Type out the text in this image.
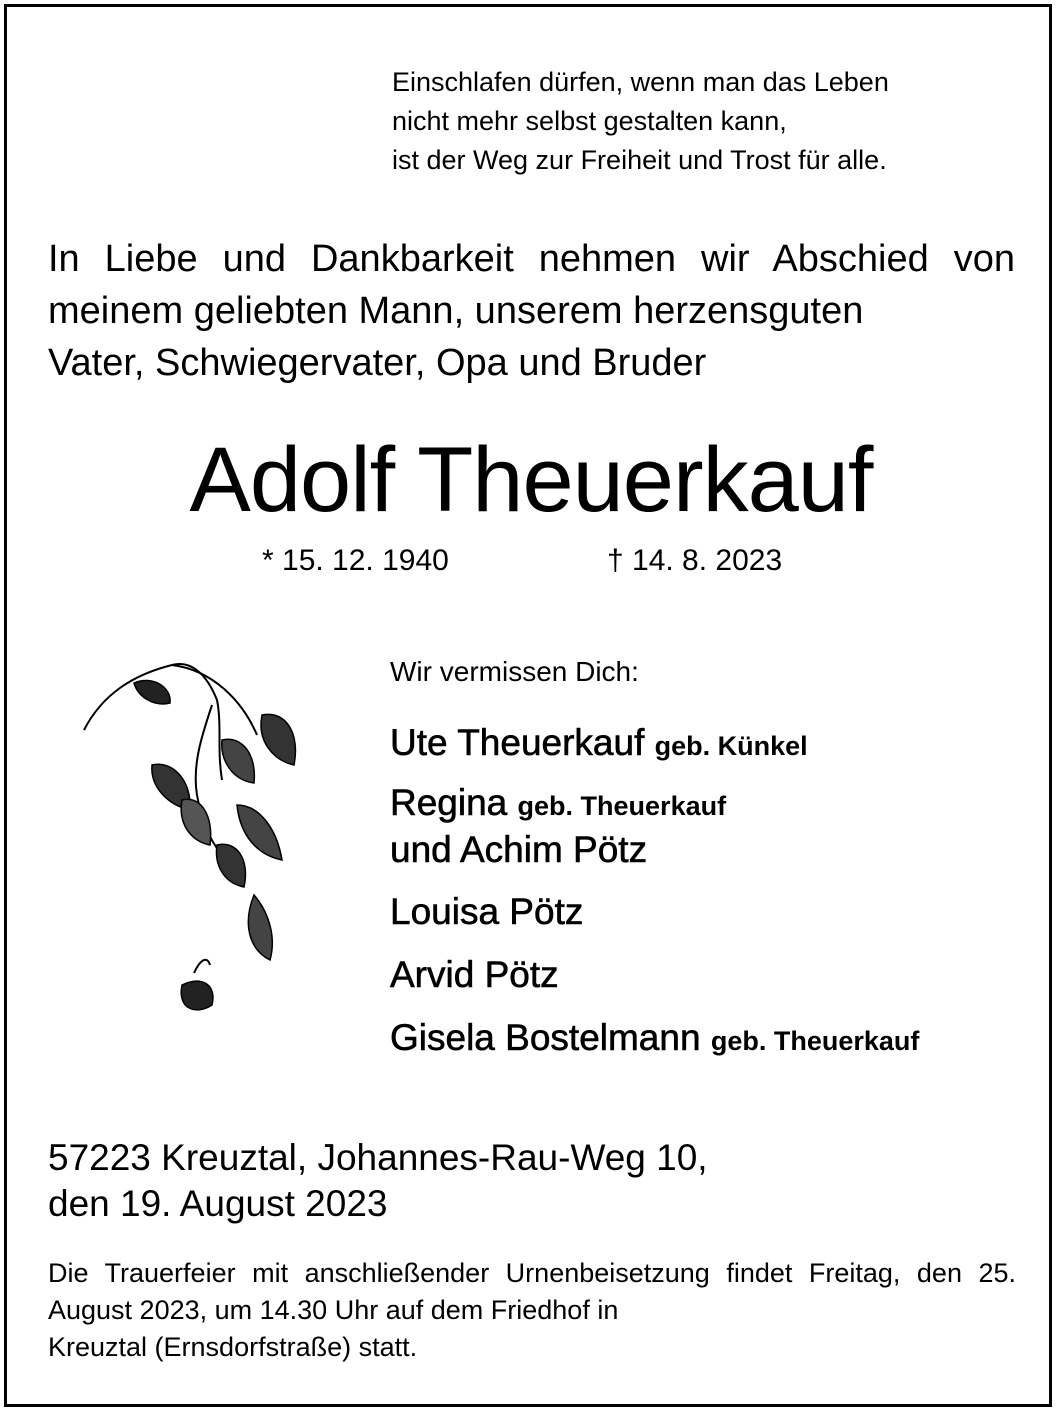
Einschlafen dürfen, wenn man das Leben
nicht mehr selbst gestalten kann,
ist der Weg zur Freiheit und Trost für alle.
In Liebe und Dankbarkeit nehmen wir Abschied von meinem geliebten Mann, unserem herzensguten
Vater, Schwiegervater, Opa und Bruder
Adolf Theuerkauf
* 15. 12. 1940	† 14. 8. 2023
Wir vermissen Dich:
Ute Theuerkauf geb. Künkel
Regina geb. Theuerkauf
und Achim Pötz
Louisa Pötz
Arvid Pötz
Gisela Bostelmann geb. Theuerkauf
57223 Kreuztal, Johannes-Rau-Weg 10,
den 19. August 2023
Die Trauerfeier mit anschließender Urnenbeisetzung findet Freitag, den 25. August 2023, um 14.30 Uhr auf dem Friedhof in
Kreuztal (Ernsdorfstraße) statt.
